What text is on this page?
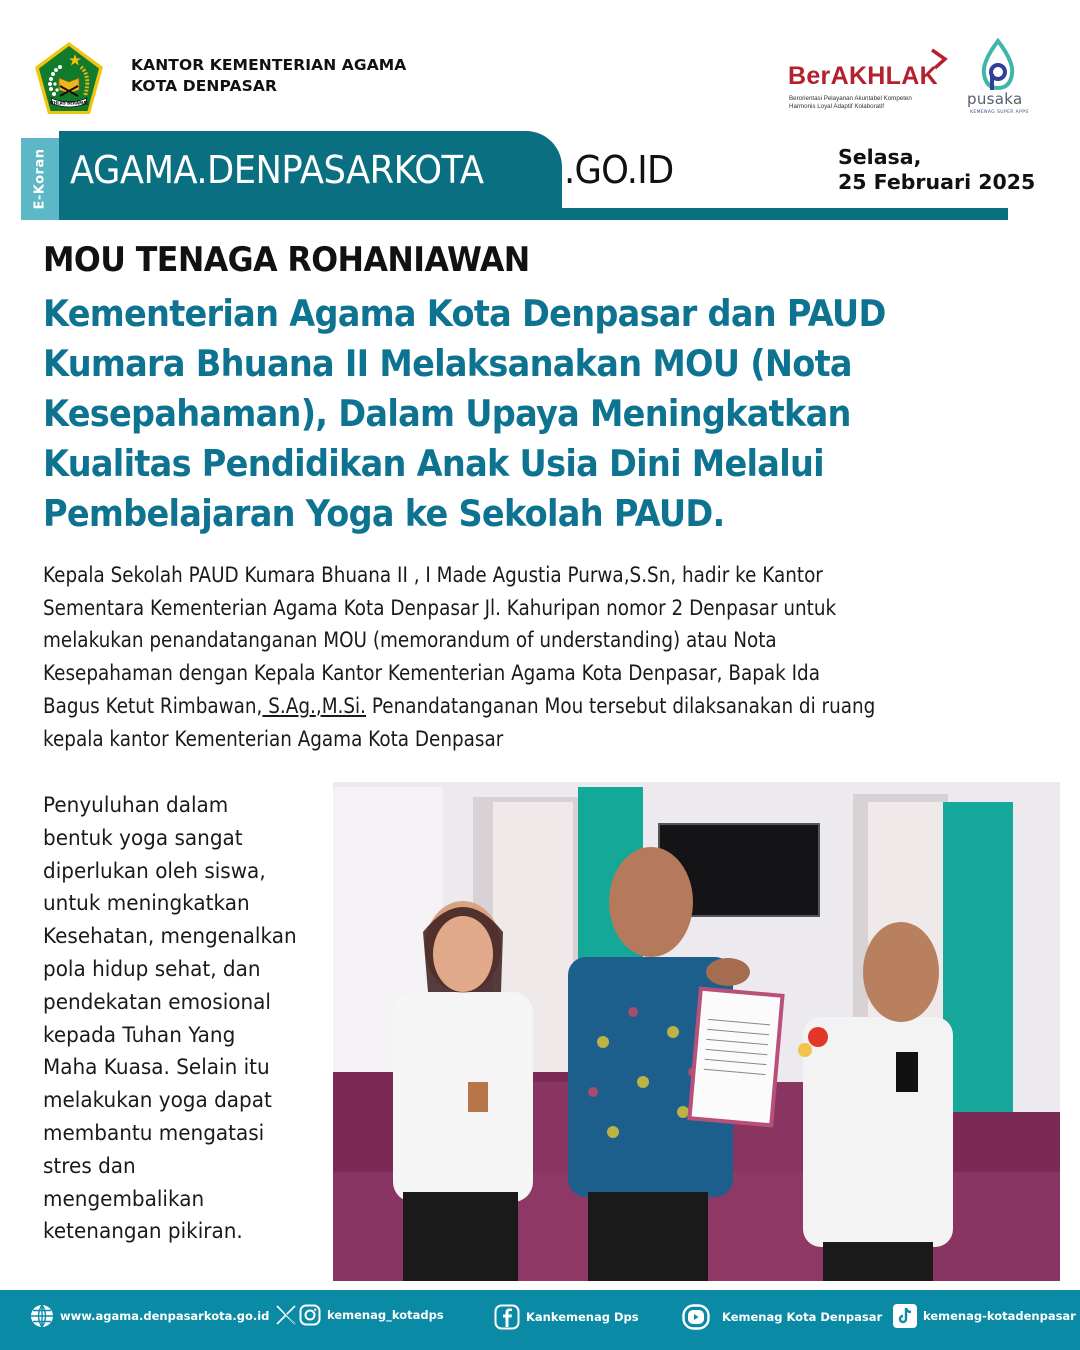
IKHLAS BERAMAL
KANTOR KEMENTERIAN AGAMA
KOTA DENPASAR	BerAKHLAK
Berorientasi Pelayanan Akuntabel Kompeten
Harmonis Loyal Adaptif Kolaboratif	pusaka
KEMENAG SUPER APPS
E-Koran AGAMA.DENPASARKOTA .GO.ID	Selasa,
25 Februari 2025
MOU TENAGA ROHANIAWAN
Kementerian Agama Kota Denpasar dan PAUD
Kumara Bhuana II Melaksanakan MOU (Nota
Kesepahaman), Dalam Upaya Meningkatkan
Kualitas Pendidikan Anak Usia Dini Melalui
Pembelajaran Yoga ke Sekolah PAUD.
Kepala Sekolah PAUD Kumara Bhuana II , I Made Agustia Purwa,S.Sn, hadir ke Kantor
Sementara Kementerian Agama Kota Denpasar Jl. Kahuripan nomor 2 Denpasar untuk
melakukan penandatanganan MOU (memorandum of understanding) atau Nota
Kesepahaman dengan Kepala Kantor Kementerian Agama Kota Denpasar, Bapak Ida
Bagus Ketut Rimbawan, S.Ag.,M.Si. Penandatanganan Mou tersebut dilaksanakan di ruang
kepala kantor Kementerian Agama Kota Denpasar
Penyuluhan dalam
bentuk yoga sangat
diperlukan oleh siswa,
untuk meningkatkan
Kesehatan, mengenalkan
pola hidup sehat, dan
pendekatan emosional
kepada Tuhan Yang
Maha Kuasa. Selain itu
melakukan yoga dapat
membantu mengatasi
stres dan
mengembalikan
ketenangan pikiran.
www.agama.denpasarkota.go.id	kemenag_kotadps	Kankemenag Dps	Kemenag Kota Denpasar	kemenag-kotadenpasar
